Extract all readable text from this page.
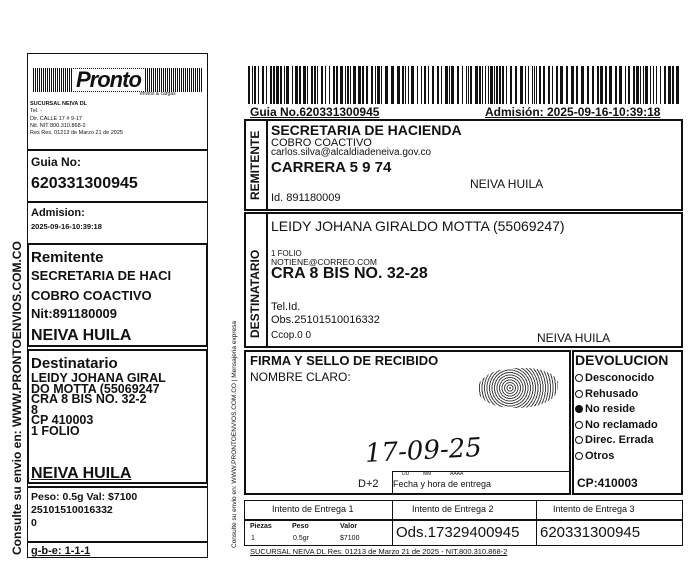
Pronto
envios & cargas
SUCURSAL NEIVA DL
Tel. -
Dir. CALLE 17 # 9-17
Nit. NIT 800.310.868-2
Res Res. 01213 de Marzo 21 de 2025
Guia No:
620331300945
Admision:
2025-09-16-10:39:18
Remitente
SECRETARIA DE HACI
COBRO COACTIVO
Nit:891180009
NEIVA HUILA
Destinatario
LEIDY JOHANA GIRAL
DO MOTTA (55069247
CRA 8 BIS NO. 32-2
8
CP 410003
1 FOLIO
NEIVA HUILA
Peso: 0.5g Val: $7100
25101510016332
0
g-b-e: 1-1-1
Consulte su envio en: WWW.PRONTOENVIOS.COM.CO
Guia No.620331300945	Admisión: 2025-09-16-10:39:18
REMITENTE
SECRETARIA DE HACIENDA
COBRO COACTIVO
carlos.silva@alcaldiadeneiva.gov.co
CARRERA 5 9 74
NEIVA HUILA
Id. 891180009
DESTINATARIO
LEIDY JOHANA GIRALDO MOTTA (55069247)
1 FOLIO
NOTIENE@CORREO.COM
CRA 8 BIS NO. 32-28
Tel.Id.
Obs.25101510016332
Ccop.0 0	NEIVA HUILA
Consulte su envio en: WWW.PRONTOENVIOS.COM.CO | Mensajeria expresa FIRMA Y SELLO DE RECIBIDO
NOMBRE CLARO:
17-09-25
D+2
DD	MM	AAAA
Fecha y hora de entrega
DEVOLUCION
Desconocido
Rehusado
No reside
No reclamado
Direc. Errada
Otros
CP:410003
Intento de Entrega 1	Intento de Entrega 2	Intento de Entrega 3
Piezas	Peso	Valor
1	0.5gr	$7100 Ods.17329400945 620331300945
SUCURSAL NEIVA DL Res. 01213 de Marzo 21 de 2025 - NIT.800.310.868-2
